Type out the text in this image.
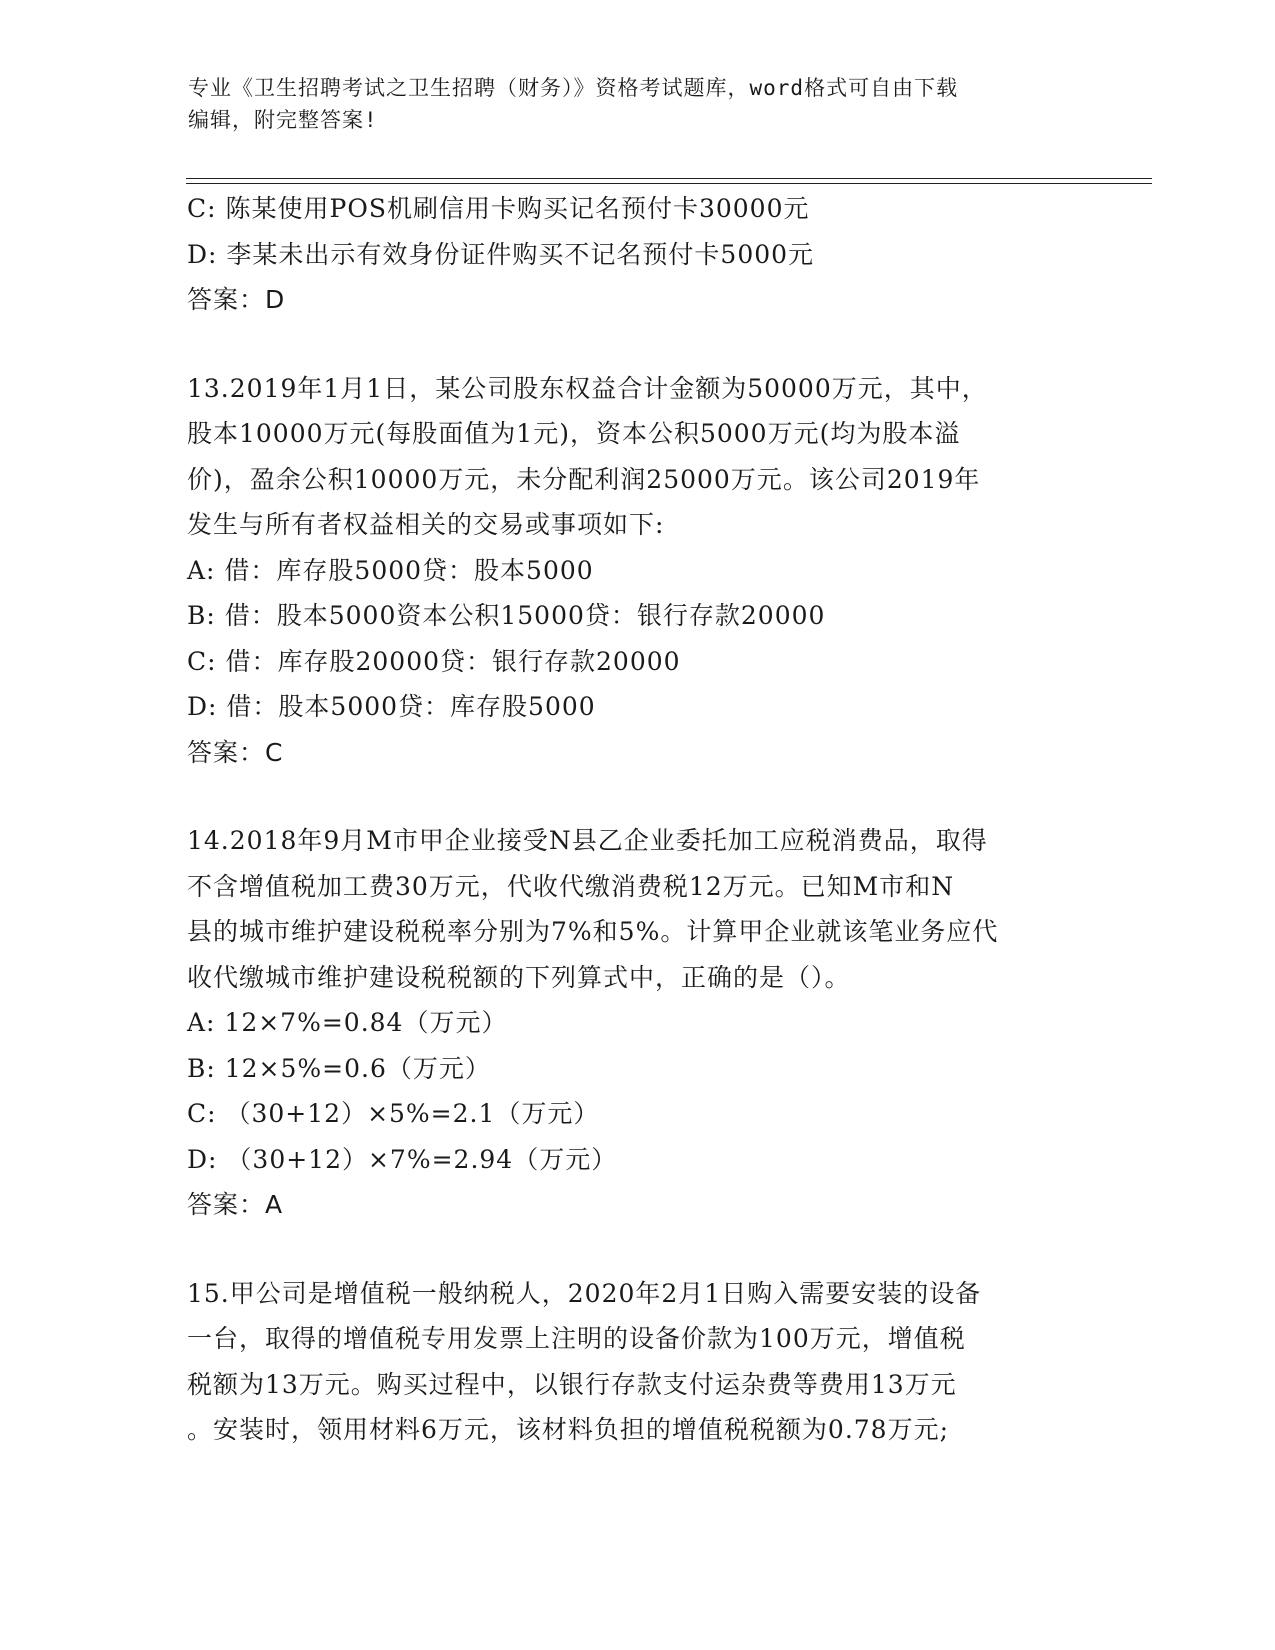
专业《卫生招聘考试之卫生招聘（财务）》资格考试题库，word格式可自由下载
编辑，附完整答案!
C: 陈某使用POS机刷信用卡购买记名预付卡30000元
D: 李某未出示有效身份证件购买不记名预付卡5000元
答案：D
13.2019年1月1日，某公司股东权益合计金额为50000万元，其中，
股本10000万元(每股面值为1元)，资本公积5000万元(均为股本溢
价)，盈余公积10000万元，未分配利润25000万元。该公司2019年
发生与所有者权益相关的交易或事项如下:
A: 借：库存股5000贷：股本5000
B: 借：股本5000资本公积15000贷：银行存款20000
C: 借：库存股20000贷：银行存款20000
D: 借：股本5000贷：库存股5000
答案：C
14.2018年9月M市甲企业接受N县乙企业委托加工应税消费品，取得
不含增值税加工费30万元，代收代缴消费税12万元。已知M市和N
县的城市维护建设税税率分别为7%和5%。计算甲企业就该笔业务应代
收代缴城市维护建设税税额的下列算式中，正确的是（）。
A: 12×7%=0.84（万元）
B: 12×5%=0.6（万元）
C: （30+12）×5%=2.1（万元）
D: （30+12）×7%=2.94（万元）
答案：A
15.甲公司是增值税一般纳税人，2020年2月1日购入需要安装的设备
一台，取得的增值税专用发票上注明的设备价款为100万元，增值税
税额为13万元。购买过程中，以银行存款支付运杂费等费用13万元
。安装时，领用材料6万元，该材料负担的增值税税额为0.78万元;
